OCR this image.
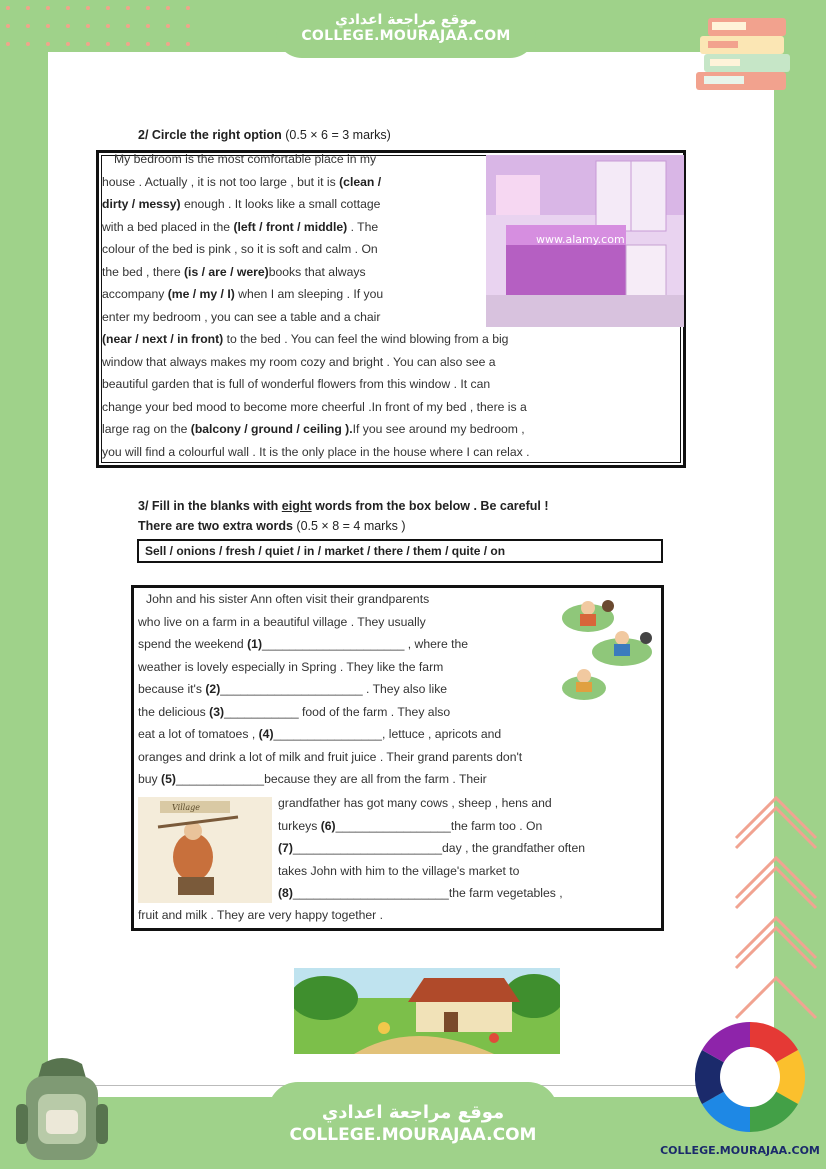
موقع مراجعة اعدادي
COLLEGE.MOURAJAA.COM
2/ Circle the right option (0.5 × 6 = 3 marks)
www.alamy.com
My bedroom is the most comfortable place in my
house . Actually , it is not too large , but it is (clean /
dirty / messy) enough . It looks like a small cottage
with a bed placed in the (left / front / middle) . The
colour of the bed is pink , so it is soft and calm . On
the bed , there (is / are / were)books that always
accompany (me / my / I) when I am sleeping . If you
enter my bedroom , you can see a table and a chair
(near / next / in front) to the bed . You can feel the wind blowing from a big
window that always makes my room cozy and bright . You can also see a
beautiful garden that is full of wonderful flowers from this window . It can
change your bed mood to become more cheerful .In front of my bed , there is a
large rag on the (balcony / ground / ceiling ).If you see around my bedroom ,
you will find a colourful wall . It is the only place in the house where I can relax .
3/ Fill in the blanks with eight words from the box below . Be careful !
There are two extra words (0.5 × 8 = 4 marks )
Sell / onions / fresh / quiet / in / market / there / them / quite / on
Village
John and his sister Ann often visit their grandparents
who live on a farm in a beautiful village . They usually
spend the weekend (1)_____________________ , where the
weather is lovely especially in Spring . They like the farm
because it's (2)_____________________ . They also like
the delicious (3)___________ food of the farm . They also
eat a lot of tomatoes , (4)________________, lettuce , apricots and
oranges and drink a lot of milk and fruit juice . Their grand parents don't
buy (5)_____________because they are all from the farm . Their
grandfather has got many cows , sheep , hens and
turkeys (6)_________________the farm too . On
(7)______________________day , the grandfather often
takes John with him to the village's market to
(8)_______________________the farm vegetables ,
fruit and milk . They are very happy together .
موقع مراجعة اعدادي
COLLEGE.MOURAJAA.COM
COLLEGE.MOURAJAA.COM
